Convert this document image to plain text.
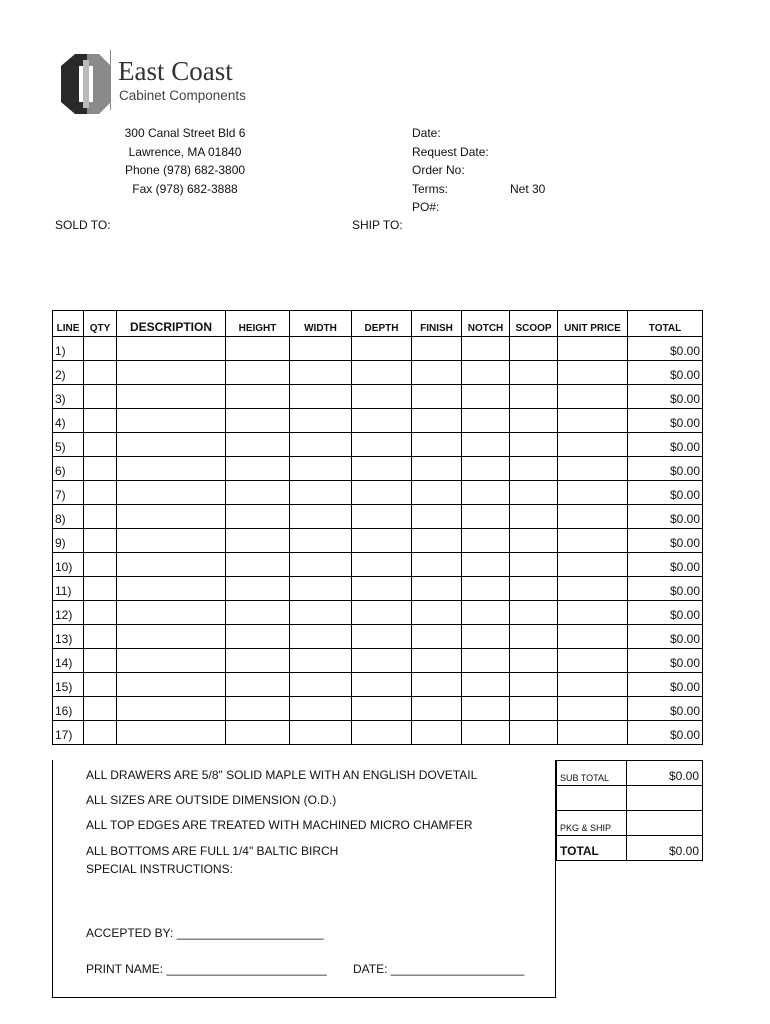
East Coast
Cabinet Components
300 Canal Street Bld 6
Lawrence, MA 01840
Phone (978) 682-3800
Fax (978) 682-3888
Date:
Request Date:
Order No:
Terms:	Net 30
PO#:
SOLD TO:	SHIP TO:
LINE	QTY	DESCRIPTION	HEIGHT	WIDTH	DEPTH	FINISH	NOTCH	SCOOP	UNIT PRICE	TOTAL
1)										$0.00
2)										$0.00
3)										$0.00
4)										$0.00
5)										$0.00
6)										$0.00
7)										$0.00
8)										$0.00
9)										$0.00
10)										$0.00
11)										$0.00
12)										$0.00
13)										$0.00
14)										$0.00
15)										$0.00
16)										$0.00
17)										$0.00
ALL DRAWERS ARE 5/8" SOLID MAPLE WITH AN ENGLISH DOVETAIL
ALL SIZES ARE OUTSIDE DIMENSION (O.D.)
ALL TOP EDGES ARE TREATED WITH MACHINED MICRO CHAMFER
ALL BOTTOMS ARE FULL 1/4" BALTIC BIRCH
SPECIAL INSTRUCTIONS:
ACCEPTED BY: ______________________
PRINT NAME: ________________________ DATE: ____________________
SUB TOTAL	$0.00

PKG & SHIP	
TOTAL	$0.00
